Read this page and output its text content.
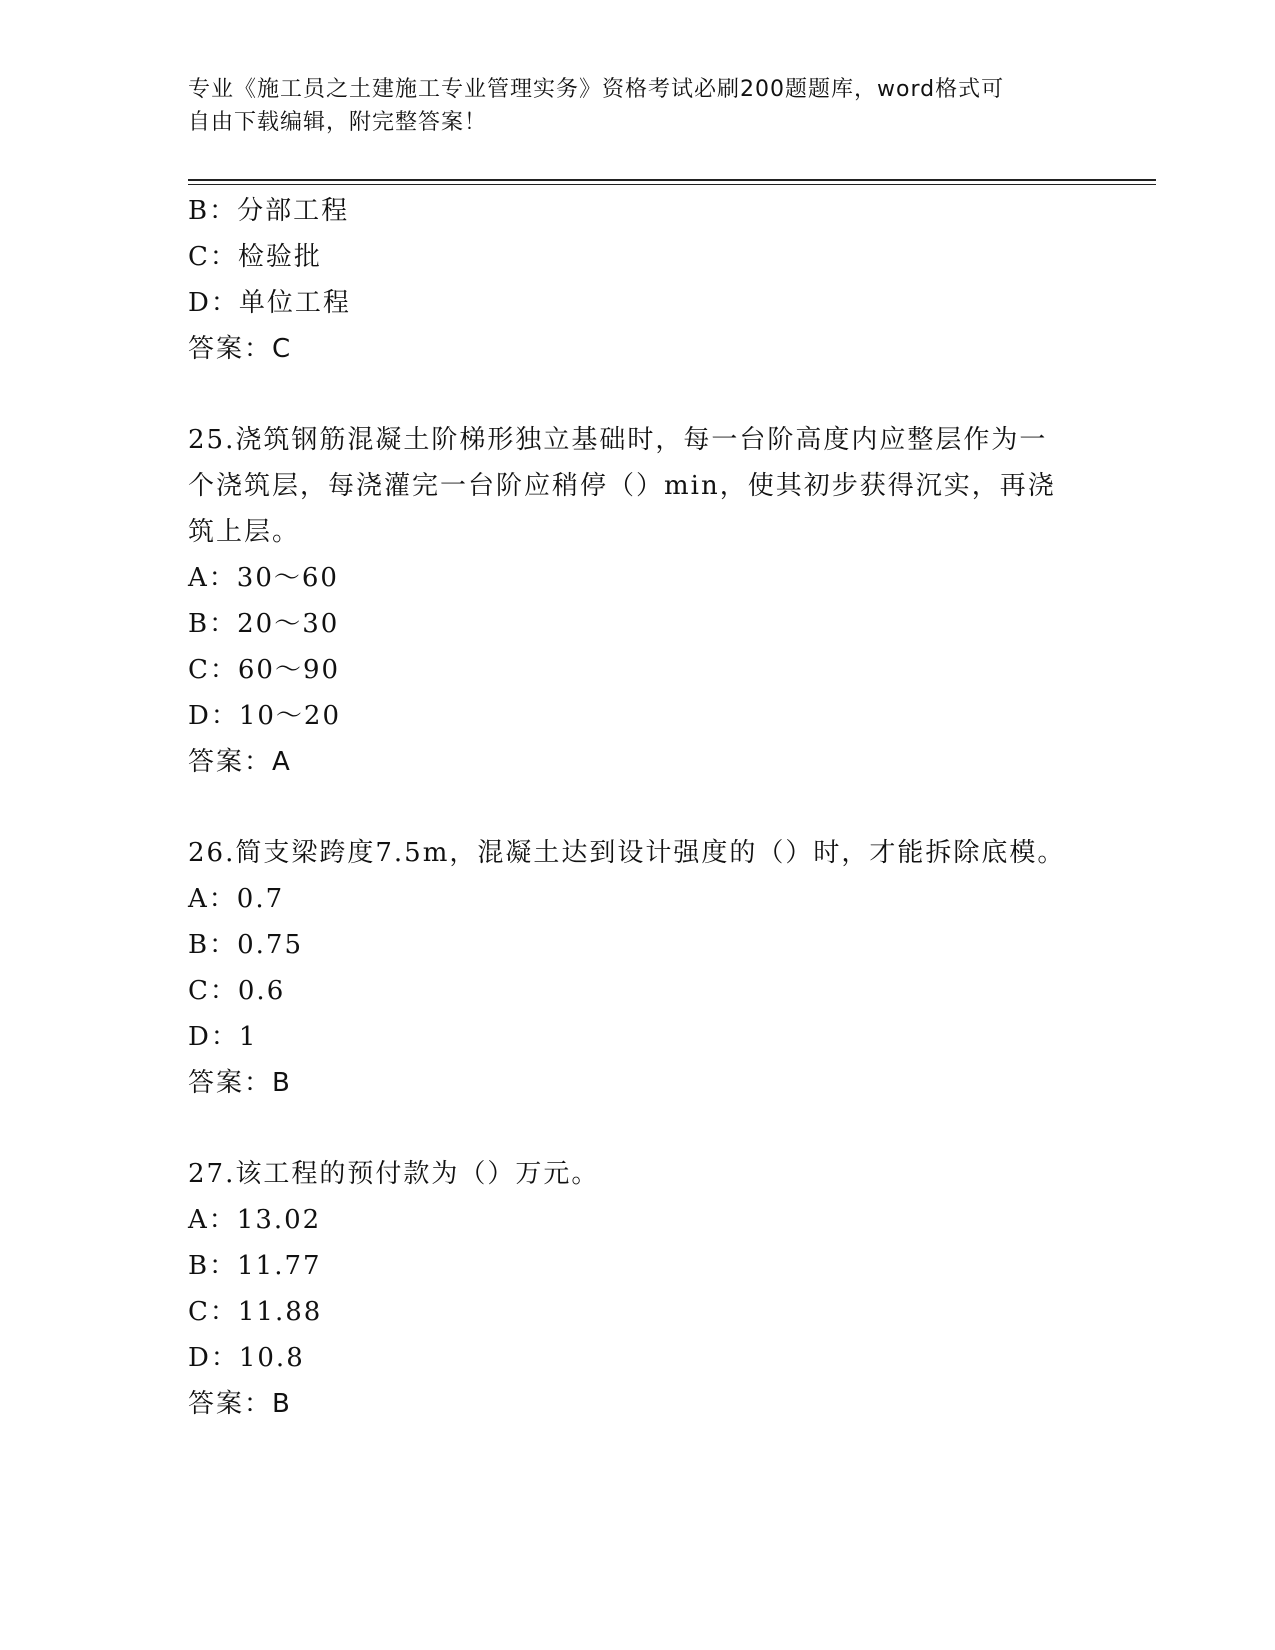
专业《施工员之土建施工专业管理实务》资格考试必刷200题题库，word格式可
自由下载编辑，附完整答案！
B：分部工程
C：检验批
D：单位工程
答案：C
25.浇筑钢筋混凝土阶梯形独立基础时，每一台阶高度内应整层作为一
个浇筑层，每浇灌完一台阶应稍停（）min，使其初步获得沉实，再浇
筑上层。
A：30～60
B：20～30
C：60～90
D：10～20
答案：A
26.简支梁跨度7.5m，混凝土达到设计强度的（）时，才能拆除底模。
A：0.7
B：0.75
C：0.6
D：1
答案：B
27.该工程的预付款为（）万元。
A：13.02
B：11.77
C：11.88
D：10.8
答案：B
